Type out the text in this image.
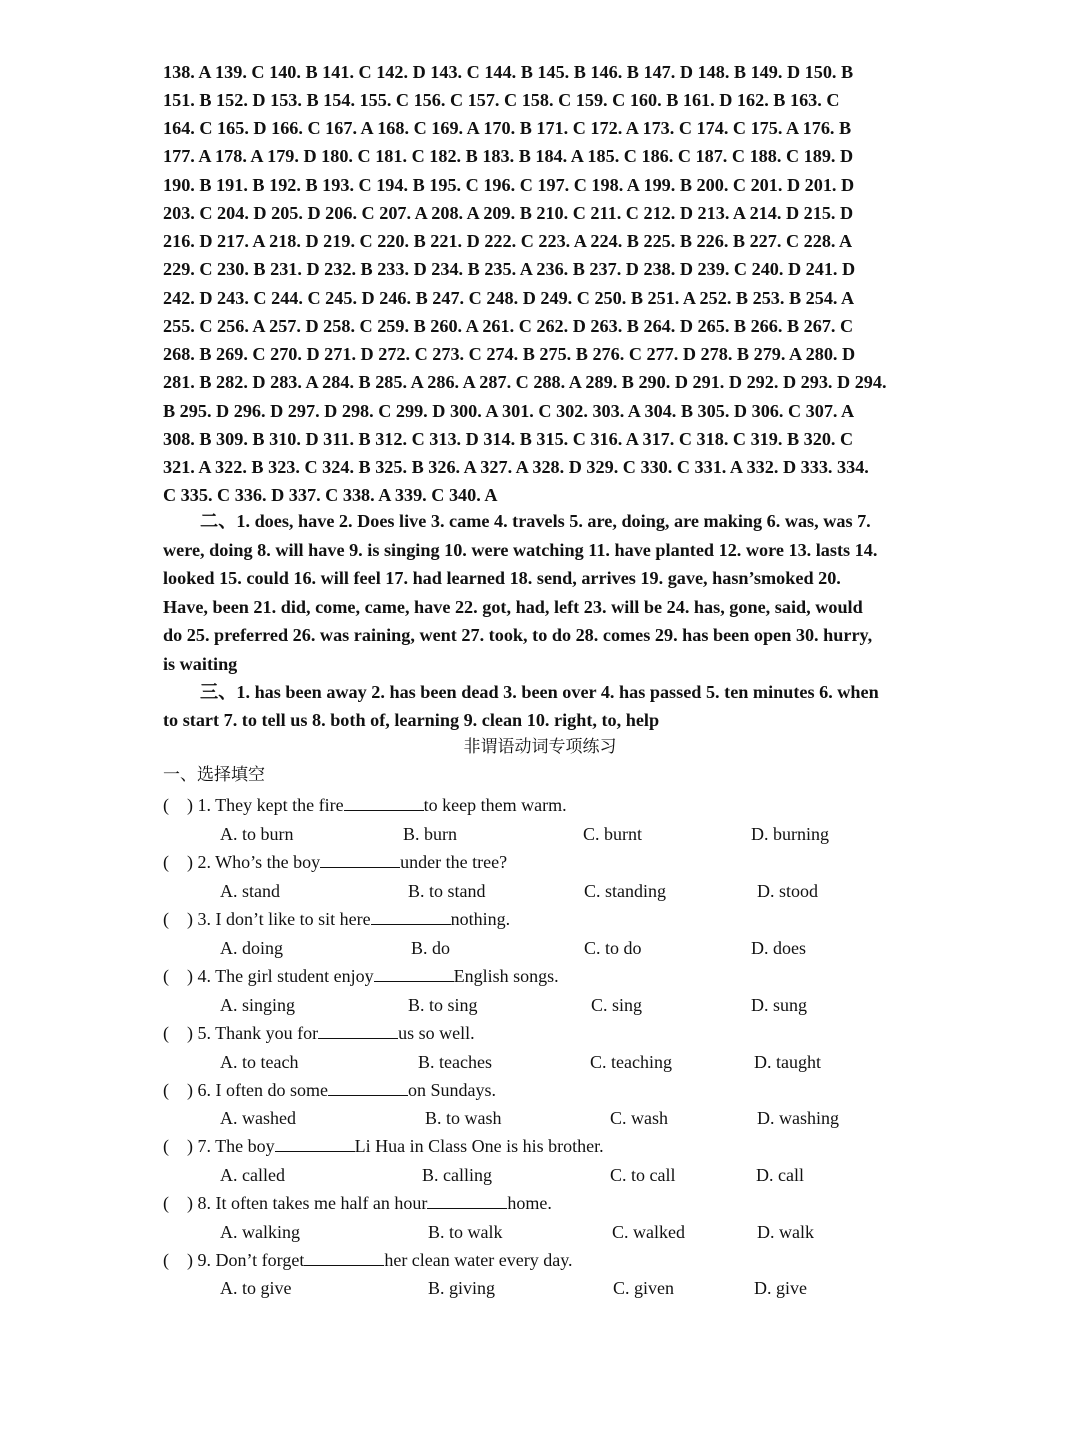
138. A 139. C 140. B 141. C 142. D 143. C 144. B 145. B 146. B 147. D 148. B 149. D 150. B
151. B 152. D 153. B 154. 155. C 156. C 157. C 158. C 159. C 160. B 161. D 162. B 163. C
164. C 165. D 166. C 167. A 168. C 169. A 170. B 171. C 172. A 173. C 174. C 175. A 176. B
177. A 178. A 179. D 180. C 181. C 182. B 183. B 184. A 185. C 186. C 187. C 188. C 189. D
190. B 191. B 192. B 193. C 194. B 195. C 196. C 197. C 198. A 199. B 200. C 201. D 201. D
203. C 204. D 205. D 206. C 207. A 208. A 209. B 210. C 211. C 212. D 213. A 214. D 215. D
216. D 217. A 218. D 219. C 220. B 221. D 222. C 223. A 224. B 225. B 226. B 227. C 228. A
229. C 230. B 231. D 232. B 233. D 234. B 235. A 236. B 237. D 238. D 239. C 240. D 241. D
242. D 243. C 244. C 245. D 246. B 247. C 248. D 249. C 250. B 251. A 252. B 253. B 254. A
255. C 256. A 257. D 258. C 259. B 260. A 261. C 262. D 263. B 264. D 265. B 266. B 267. C
268. B 269. C 270. D 271. D 272. C 273. C 274. B 275. B 276. C 277. D 278. B 279. A 280. D
281. B 282. D 283. A 284. B 285. A 286. A 287. C 288. A 289. B 290. D 291. D 292. D 293. D 294.
B 295. D 296. D 297. D 298. C 299. D 300. A 301. C 302. 303. A 304. B 305. D 306. C 307. A
308. B 309. B 310. D 311. B 312. C 313. D 314. B 315. C 316. A 317. C 318. C 319. B 320. C
321. A 322. B 323. C 324. B 325. B 326. A 327. A 328. D 329. C 330. C 331. A 332. D 333. 334.
C 335. C 336. D 337. C 338. A 339. C 340. A
二、1. does, have 2. Does live 3. came 4. travels 5. are, doing, are making 6. was, was 7.
were, doing 8. will have 9. is singing 10. were watching 11. have planted 12. wore 13. lasts 14.
looked 15. could 16. will feel 17. had learned 18. send, arrives 19. gave, hasn’smoked 20.
Have, been 21. did, come, came, have 22. got, had, left 23. will be 24. has, gone, said, would
do 25. preferred 26. was raining, went 27. took, to do 28. comes 29. has been open 30. hurry,
is waiting
三、1. has been away 2. has been dead 3. been over 4. has passed 5. ten minutes 6. when
to start 7. to tell us 8. both of, learning 9. clean 10. right, to, help
非谓语动词专项练习
一、选择填空
( ) 1. They kept the fire	to keep them warm.
A. to burn	B. burn	C. burnt	D. burning
( ) 2. Who’s the boy	under the tree?
A. stand	B. to stand	C. standing	D. stood
( ) 3. I don’t like to sit here	nothing.
A. doing	B. do	C. to do	D. does
( ) 4. The girl student enjoy	English songs.
A. singing	B. to sing	C. sing	D. sung
( ) 5. Thank you for	us so well.
A. to teach	B. teaches	C. teaching	D. taught
( ) 6. I often do some	on Sundays.
A. washed	B. to wash	C. wash	D. washing
( ) 7. The boy	Li Hua in Class One is his brother.
A. called	B. calling	C. to call	D. call
( ) 8. It often takes me half an hour	home.
A. walking	B. to walk	C. walked	D. walk
( ) 9. Don’t forget	her clean water every day.
A. to give	B. giving	C. given	D. give
